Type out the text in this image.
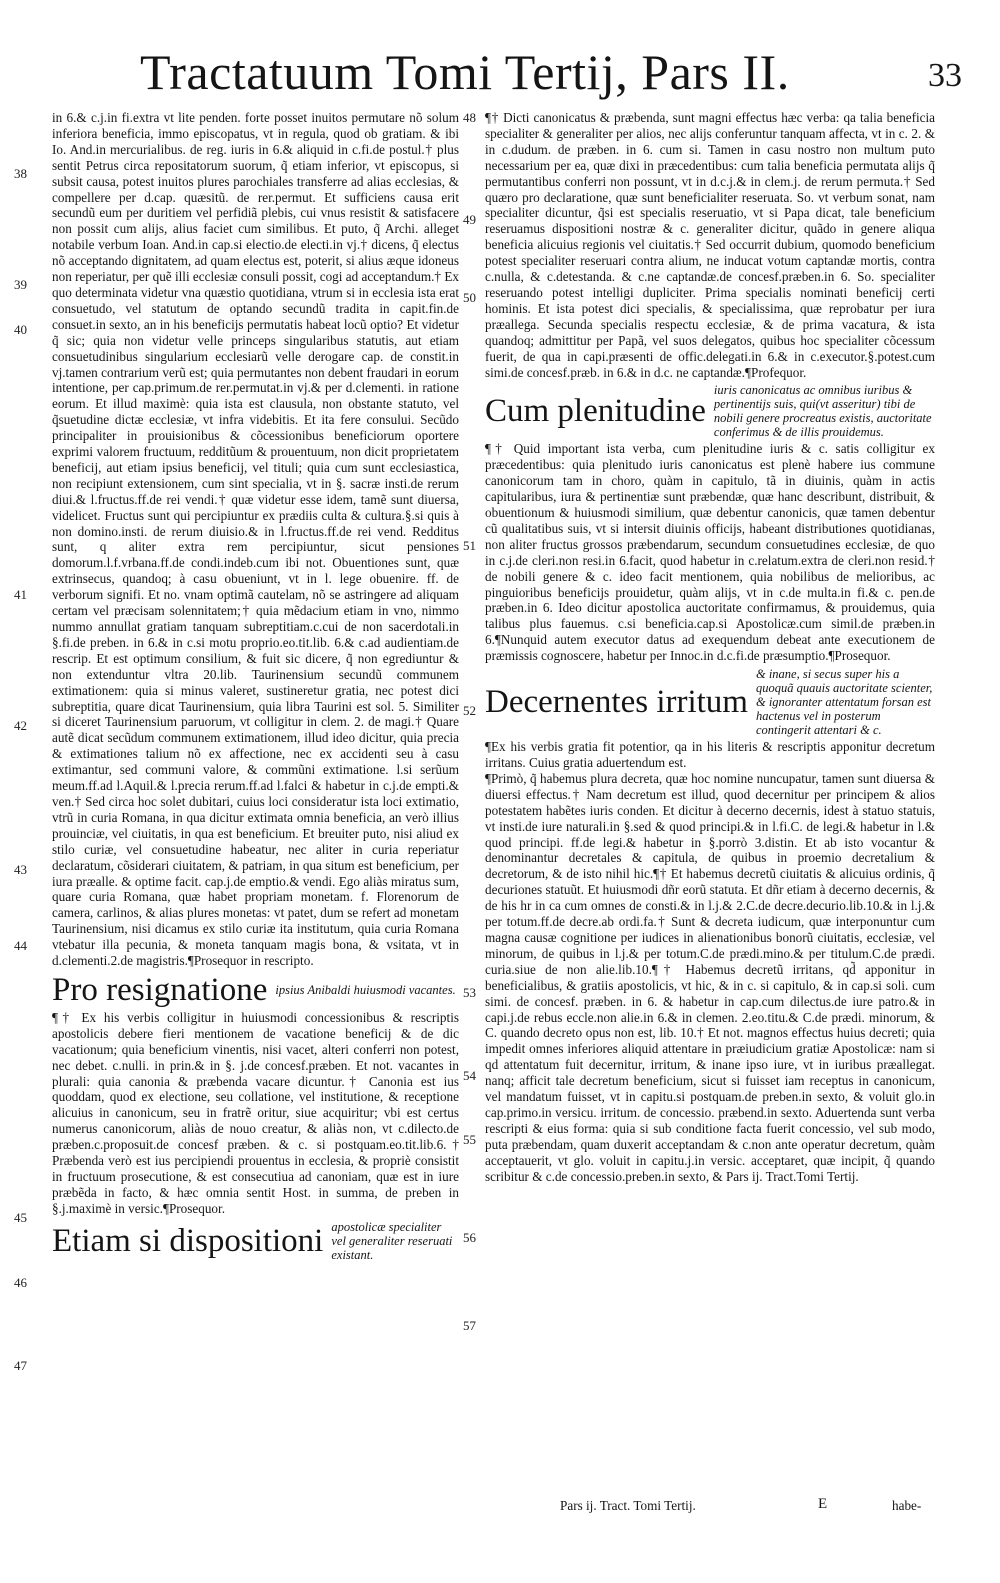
Tractatuum Tomi Tertij, Pars II.	33
38
39
40
41
42
43
44
45
46
47
48
49
50
51
52
53
54
55
56
57

in 6.& c.j.in fi.extra vt lite penden. forte posset inuitos permutare nõ solum inferiora beneficia, immo episcopatus, vt in regula, quod ob gratiam. & ibi Io. And.in mercurialibus. de reg. iuris in 6.& aliquid in c.fi.de postul.† plus sentit Petrus circa repositatorum suorum, q̃ etiam inferior, vt episcopus, si subsit causa, potest inuitos plures parochiales transferre ad alias ecclesias, & compellere per d.cap. quæsitũ. de rer.permut. Et sufficiens causa erit secundũ eum per duritiem vel perfidiã plebis, cui vnus resistit & satisfacere non possit cum alijs, alius faciet cum similibus. Et puto, q̃ Archi. alleget notabile verbum Ioan. And.in cap.si electio.de electi.in vj.† dicens, q̃ electus nõ acceptando dignitatem, ad quam electus est, poterit, si alius æque idoneus non reperiatur, per quẽ illi ecclesiæ consuli possit, cogi ad acceptandum.† Ex quo determinata videtur vna quæstio quotidiana, vtrum si in ecclesia ista erat consuetudo, vel statutum de optando secundũ tradita in capit.fin.de consuet.in sexto, an in his beneficijs permutatis habeat locũ optio? Et videtur q̃ sic; quia non videtur velle princeps singularibus statutis, aut etiam consuetudinibus singularium ecclesiarũ velle derogare cap. de constit.in vj.tamen contrarium verũ est; quia permutantes non debent fraudari in eorum intentione, per cap.primum.de rer.permutat.in vj.& per d.clementi. in ratione eorum. Et illud maximè: quia ista est clausula, non obstante statuto, vel q̃suetudine dictæ ecclesiæ, vt infra videbitis. Et ita fere consului. Secũdo principaliter in prouisionibus & cõcessionibus beneficiorum oportere exprimi valorem fructuum, redditũum & prouentuum, non dicit proprietatem beneficij, aut etiam ipsius beneficij, vel tituli; quia cum sunt ecclesiastica, non recipiunt extensionem, cum sint specialia, vt in §. sacræ insti.de rerum diui.& l.fructus.ff.de rei vendi.† quæ videtur esse idem, tamẽ sunt diuersa, videlicet. Fructus sunt qui percipiuntur ex prædiis culta & cultura.§.si quis à non domino.insti. de rerum diuisio.& in l.fructus.ff.de rei vend. Redditus sunt, q aliter extra rem percipiuntur, sicut pensiones domorum.l.f.vrbana.ff.de condi.indeb.cum ibi not. Obuentiones sunt, quæ extrinsecus, quandoq; à casu obueniunt, vt in l. lege obuenire. ff. de verborum signifi. Et no. vnam optimã cautelam, nõ se astringere ad aliquam certam vel præcisam solennitatem;† quia mẽdacium etiam in vno, nimmo nummo annullat gratiam tanquam subreptitiam.c.cui de non sacerdotali.in §.fi.de preben. in 6.& in c.si motu proprio.eo.tit.lib. 6.& c.ad audientiam.de rescrip. Et est optimum consilium, & fuit sic dicere, q̃ non egrediuntur & non extenduntur vltra 20.lib. Taurinensium secundũ communem extimationem: quia si minus valeret, sustineretur gratia, nec potest dici subreptitia, quare dicat Taurinensium, quia libra Taurini est sol. 5. Similiter si diceret Taurinensium paruorum, vt colligitur in clem. 2. de magi.† Quare autẽ dicat secũdum communem extimationem, illud ideo dicitur, quia precia & extimationes talium nõ ex affectione, nec ex accidenti seu à casu extimantur, sed communi valore, & commũni extimatione. l.si serũum meum.ff.ad l.Aquil.& l.precia rerum.ff.ad l.falci & habetur in c.j.de empti.& ven.† Sed circa hoc solet dubitari, cuius loci consideratur ista loci extimatio, vtrũ in curia Romana, in qua dicitur extimata omnia beneficia, an verò illius prouinciæ, vel ciuitatis, in qua est beneficium. Et breuiter puto, nisi aliud ex stilo curiæ, vel consuetudine habeatur, nec aliter in curia reperiatur declaratum, cõsiderari ciuitatem, & patriam, in qua situm est beneficium, per iura præalle. & optime facit. cap.j.de emptio.& vendi. Ego aliàs miratus sum, quare curia Romana, quæ habet propriam monetam. f. Florenorum de camera, carlinos, & alias plures monetas: vt patet, dum se refert ad monetam Taurinensium, nisi dicamus ex stilo curiæ ita institutum, quia curia Romana vtebatur illa pecunia, & moneta tanquam magis bona, & vsitata, vt in d.clementi.2.de magistris.¶Prosequor in rescripto.

Pro resignatione ipsius Anibaldi huiusmodi vacantes.

¶† Ex his verbis colligitur in huiusmodi concessionibus & rescriptis apostolicis debere fieri mentionem de vacatione beneficij & de dic vacationum; quia beneficium vinentis, nisi vacet, alteri conferri non potest, nec debet. c.nulli. in prin.& in §. j.de concesf.præben. Et not. vacantes in plurali: quia canonia & præbenda vacare dicuntur.† Canonia est ius quoddam, quod ex electione, seu collatione, vel institutione, & receptione alicuius in canonicum, seu in fratrẽ oritur, siue acquiritur; vbi est certus numerus canonicorum, aliàs de nouo creatur, & aliàs non, vt c.dilecto.de præben.c.proposuit.de concesf præben. & c. si postquam.eo.tit.lib.6.† Præbenda verò est ius percipiendi prouentus in ecclesia, & propriè consistit in fructuum prosecutione, & est consecutiua ad canoniam, quæ est in iure præbẽda in facto, & hæc omnia sentit Host. in summa, de preben in §.j.maximè in versic.¶Prosequor.

Etiam si dispositioni apostolicæ specialiter vel generaliter reseruati existant.

¶† Dicti canonicatus & præbenda, sunt magni effectus hæc verba: qa talia beneficia specialiter & generaliter per alios, nec alijs conferuntur tanquam affecta, vt in c. 2. & in c.dudum. de præben. in 6. cum si. Tamen in casu nostro non multum puto necessarium per ea, quæ dixi in præcedentibus: cum talia beneficia permutata alijs q̃ permutantibus conferri non possunt, vt in d.c.j.& in clem.j. de rerum permuta.† Sed quæro pro declaratione, quæ sunt beneficialiter reseruata. So. vt verbum sonat, nam specialiter dicuntur, q̃si est specialis reseruatio, vt si Papa dicat, tale beneficium reseruamus dispositioni nostræ & c. generaliter dicitur, quãdo in genere aliqua beneficia alicuius regionis vel ciuitatis.† Sed occurrit dubium, quomodo beneficium potest specialiter reseruari contra alium, ne inducat votum captandæ mortis, contra c.nulla, & c.detestanda. & c.ne captandæ.de concesf.præben.in 6. So. specialiter reseruando potest intelligi dupliciter. Prima specialis nominati beneficij certi hominis. Et ista potest dici specialis, & specialissima, quæ reprobatur per iura præallega. Secunda specialis respectu ecclesiæ, & de prima vacatura, & ista quandoq; admittitur per Papã, vel suos delegatos, quibus hoc specialiter cõcessum fuerit, de qua in capi.præsenti de offic.delegati.in 6.& in c.executor.§.potest.cum simi.de concesf.præb. in 6.& in d.c. ne captandæ.¶Profequor.

Cum plenitudine
iuris canonicatus ac omnibus iuribus & pertinentijs suis, qui(vt asseritur) tibi de nobili genere procreatus existis, auctoritate conferimus & de illis prouidemus.

¶† Quid important ista verba, cum plenitudine iuris & c. satis colligitur ex præcedentibus: quia plenitudo iuris canonicatus est plenè habere ius commune canonicorum tam in choro, quàm in capitulo, tã in diuinis, quàm in actis capitularibus, iura & pertinentiæ sunt præbendæ, quæ hanc describunt, distribuit, & obuentionum & huiusmodi similium, quæ debentur canonicis, quæ tamen debentur cũ qualitatibus suis, vt si intersit diuinis officijs, habeant distributiones quotidianas, non aliter fructus grossos præbendarum, secundum consuetudines ecclesiæ, de quo in c.j.de cleri.non resi.in 6.facit, quod habetur in c.relatum.extra de cleri.non resid.† de nobili genere & c. ideo facit mentionem, quia nobilibus de melioribus, ac pinguioribus beneficijs prouidetur, quàm alijs, vt in c.de multa.in fi.& c. pen.de præben.in 6. Ideo dicitur apostolica auctoritate confirmamus, & prouidemus, quia talibus plus fauemus. c.si beneficia.cap.si Apostolicæ.cum simil.de præben.in 6.¶Nunquid autem executor datus ad exequendum debeat ante executionem de præmissis cognoscere, habetur per Innoc.in d.c.fi.de præsumptio.¶Prosequor.

Decernentes irritum
& inane, si secus super his a quoquã quauis auctoritate scienter, & ignoranter attentatum forsan est hactenus vel in posterum contingerit attentari & c.

¶Ex his verbis gratia fit potentior, qa in his literis & rescriptis apponitur decretum irritans. Cuius gratia aduertendum est.

¶Primò, q̃ habemus plura decreta, quæ hoc nomine nuncupatur, tamen sunt diuersa & diuersi effectus.† Nam decretum est illud, quod decernitur per principem & alios potestatem habẽtes iuris conden. Et dicitur à decerno decernis, idest à statuo statuis, vt insti.de iure naturali.in §.sed & quod principi.& in l.fi.C. de legi.& habetur in l.& quod principi. ff.de legi.& habetur in §.porrò 3.distin. Et ab isto vocantur & denominantur decretales & capitula, de quibus in proemio decretalium & decretorum, & de isto nihil hic.¶† Et habemus decretũ ciuitatis & alicuius ordinis, q̃ decuriones statuũt. Et huiusmodi dñr eorũ statuta. Et dñr etiam à decerno decernis, & de his hr in ca cum omnes de consti.& in l.j.& 2.C.de decre.decurio.lib.10.& in l.j.& per totum.ff.de decre.ab ordi.fa.† Sunt & decreta iudicum, quæ interponuntur cum magna causæ cognitione per iudices in alienationibus bonorũ ciuitatis, ecclesiæ, vel minorum, de quibus in l.j.& per totum.C.de prædi.mino.& per titulum.C.de prædi. curia.siue de non alie.lib.10.¶† Habemus decretũ irritans, qd̃ apponitur in beneficialibus, & gratiis apostolicis, vt hic, & in c. si capitulo, & in cap.si soli. cum simi. de concesf. præben. in 6. & habetur in cap.cum dilectus.de iure patro.& in capi.j.de rebus eccle.non alie.in 6.& in clemen. 2.eo.titu.& C.de prædi. minorum, & C. quando decreto opus non est, lib. 10.† Et not. magnos effectus huius decreti; quia impedit omnes inferiores aliquid attentare in præiudicium gratiæ Apostolicæ: nam si qd attentatum fuit decernitur, irritum, & inane ipso iure, vt in iuribus præallegat. nanq; afficit tale decretum beneficium, sicut si fuisset iam receptus in canonicum, vel mandatum fuisset, vt in capitu.si postquam.de preben.in sexto, & voluit glo.in cap.primo.in versicu. irritum. de concessio. præbend.in sexto. Aduertenda sunt verba rescripti & eius forma: quia si sub conditione facta fuerit concessio, vel sub modo, puta præbendam, quam duxerit acceptandam & c.non ante operatur decretum, quàm acceptauerit, vt glo. voluit in capitu.j.in versic. acceptaret, quæ incipit, q̃ quando scribitur & c.de concessio.preben.in sexto, & Pars ij. Tract.Tomi Tertij.

Pars ij. Tract. Tomi Tertij.	E	habe-
